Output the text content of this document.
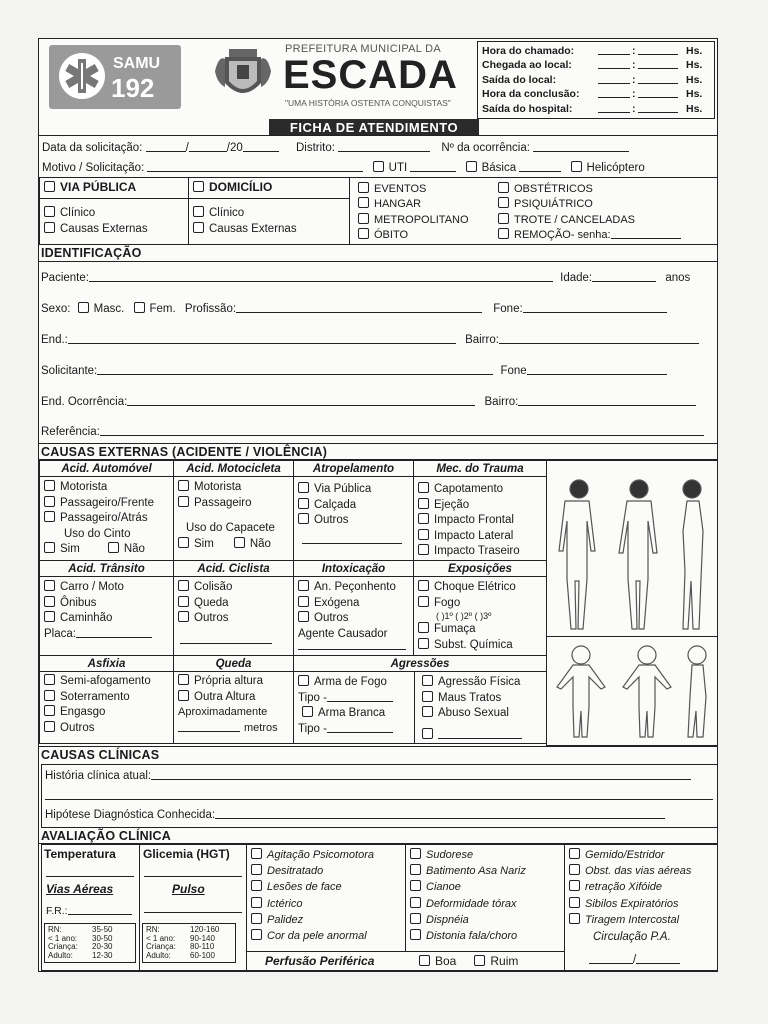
SAMU
192
PREFEITURA MUNICIPAL DA
ESCADA
"UMA HISTÓRIA OSTENTA CONQUISTAS"
Hora do chamado:	:	Hs.
Chegada ao local:	:	Hs.
Saída do local:	:	Hs.
Hora da conclusão:	:	Hs.
Saída do hospital:	:	Hs.
FICHA DE ATENDIMENTO
Data da solicitação:	/	/20	Distrito:	Nº da ocorrência:
Motivo / Solicitação:	UTI	Básica	Helicóptero
VIA PÚBLICA
Clínico
Causas Externas
DOMICÍLIO
Clínico
Causas Externas
EVENTOS
HANGAR
METROPOLITANO
ÓBITO
OBSTÉTRICOS
PSIQUIÁTRICO
TROTE / CANCELADAS
REMOÇÃO- senha:
IDENTIFICAÇÃO
Paciente:	Idade:	anos
Sexo: Masc. Fem. Profissão:	Fone:
End.:	Bairro:
Solicitante:	Fone
End. Ocorrência:	Bairro:
Referência:
CAUSAS EXTERNAS (ACIDENTE / VIOLÊNCIA)
Acid. Automóvel
Motorista
Passageiro/Frente
Passageiro/Atrás
Uso do Cinto
Sim	Não
Acid. Motocicleta
Motorista
Passageiro
Uso do Capacete
Sim	Não
Atropelamento
Via Pública
Calçada
Outros
Mec. do Trauma
Capotamento
Ejeção
Impacto Frontal
Impacto Lateral
Impacto Traseiro
Acid. Trânsito
Carro / Moto
Ônibus
Caminhão
Placa:
Acid. Ciclista
Colisão
Queda
Outros
Intoxicação
An. Peçonhento
Exógena
Outros
Agente Causador
Exposições
Choque Elétrico
Fogo
( )1º ( )2º ( )3º
Fumaça
Subst. Química
Asfixia
Semi-afogamento
Soterramento
Engasgo
Outros
Queda
Própria altura
Outra Altura
Aproximadamente
metros
Agressões
Arma de Fogo
Tipo -
Arma Branca
Tipo -
Agressão Física
Maus Tratos
Abuso Sexual
CAUSAS CLÍNICAS
História clínica atual:
Hipótese Diagnóstica Conhecida:
AVALIAÇÃO CLÍNICA
Temperatura Glicemia (HGT)
Vias Aéreas	Pulso
F.R.:
RN:	35-50
< 1 ano: 30-50
Criança: 20-30
Adulto: 12-30
RN:	120-160
< 1 ano: 90-140
Criança: 80-110
Adulto: 60-100
Agitação Psicomotora
Desitratado
Lesões de face
Ictérico
Palidez
Cor da pele anormal
Sudorese
Batimento Asa Nariz
Cianoe
Deformidade tórax
Dispnéia
Distonia fala/choro
Gemido/Estridor
Obst. das vias aéreas
retração Xifóide
Sibilos Expiratórios
Tiragem Intercostal
Circulação P.A.
/
Perfusão Periférica	Boa	Ruim
